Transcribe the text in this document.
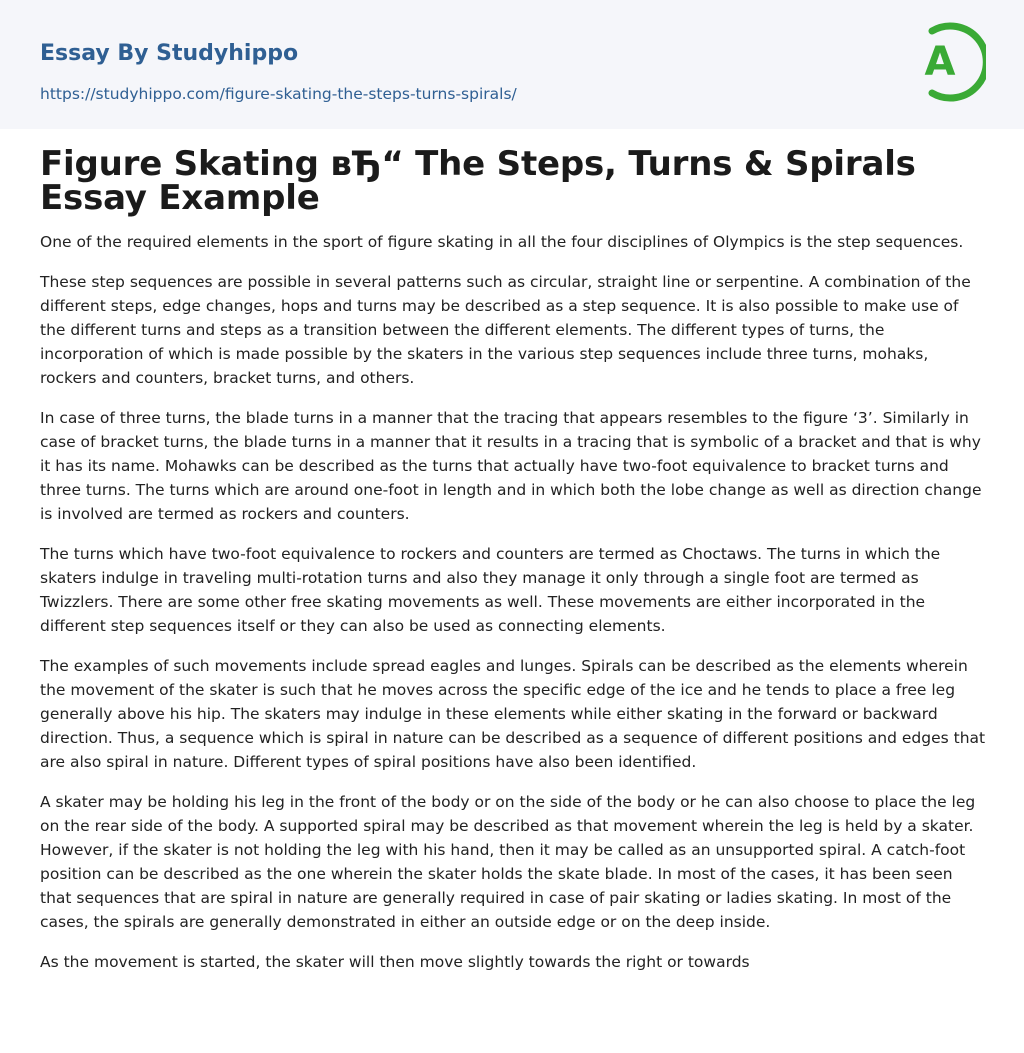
Essay By Studyhippo
https://studyhippo.com/figure-skating-the-steps-turns-spirals/
A
Figure Skating вЂ“ The Steps, Turns & Spirals Essay Example

One of the required elements in the sport of figure skating in all the four disciplines of Olympics is the step sequences.

These step sequences are possible in several patterns such as circular, straight line or serpentine. A combination of the different steps, edge changes, hops and turns may be described as a step sequence. It is also possible to make use of the different turns and steps as a transition between the different elements. The different types of turns, the incorporation of which is made possible by the skaters in the various step sequences include three turns, mohaks, rockers and counters, bracket turns, and others.

In case of three turns, the blade turns in a manner that the tracing that appears resembles to the figure ‘3’. Similarly in case of bracket turns, the blade turns in a manner that it results in a tracing that is symbolic of a bracket and that is why it has its name. Mohawks can be described as the turns that actually have two-foot equivalence to bracket turns and three turns. The turns which are around one-foot in length and in which both the lobe change as well as direction change is involved are termed as rockers and counters.

The turns which have two-foot equivalence to rockers and counters are termed as Choctaws. The turns in which the skaters indulge in traveling multi-rotation turns and also they manage it only through a single foot are termed as Twizzlers. There are some other free skating movements as well. These movements are either incorporated in the different step sequences itself or they can also be used as connecting elements.

The examples of such movements include spread eagles and lunges. Spirals can be described as the elements wherein the movement of the skater is such that he moves across the specific edge of the ice and he tends to place a free leg generally above his hip. The skaters may indulge in these elements while either skating in the forward or backward direction. Thus, a sequence which is spiral in nature can be described as a sequence of different positions and edges that are also spiral in nature. Different types of spiral positions have also been identified.

A skater may be holding his leg in the front of the body or on the side of the body or he can also choose to place the leg on the rear side of the body. A supported spiral may be described as that movement wherein the leg is held by a skater. However, if the skater is not holding the leg with his hand, then it may be called as an unsupported spiral. A catch-foot position can be described as the one wherein the skater holds the skate blade. In most of the cases, it has been seen that sequences that are spiral in nature are generally required in case of pair skating or ladies skating. In most of the cases, the spirals are generally demonstrated in either an outside edge or on the deep inside.

As the movement is started, the skater will then move slightly towards the right or towards
